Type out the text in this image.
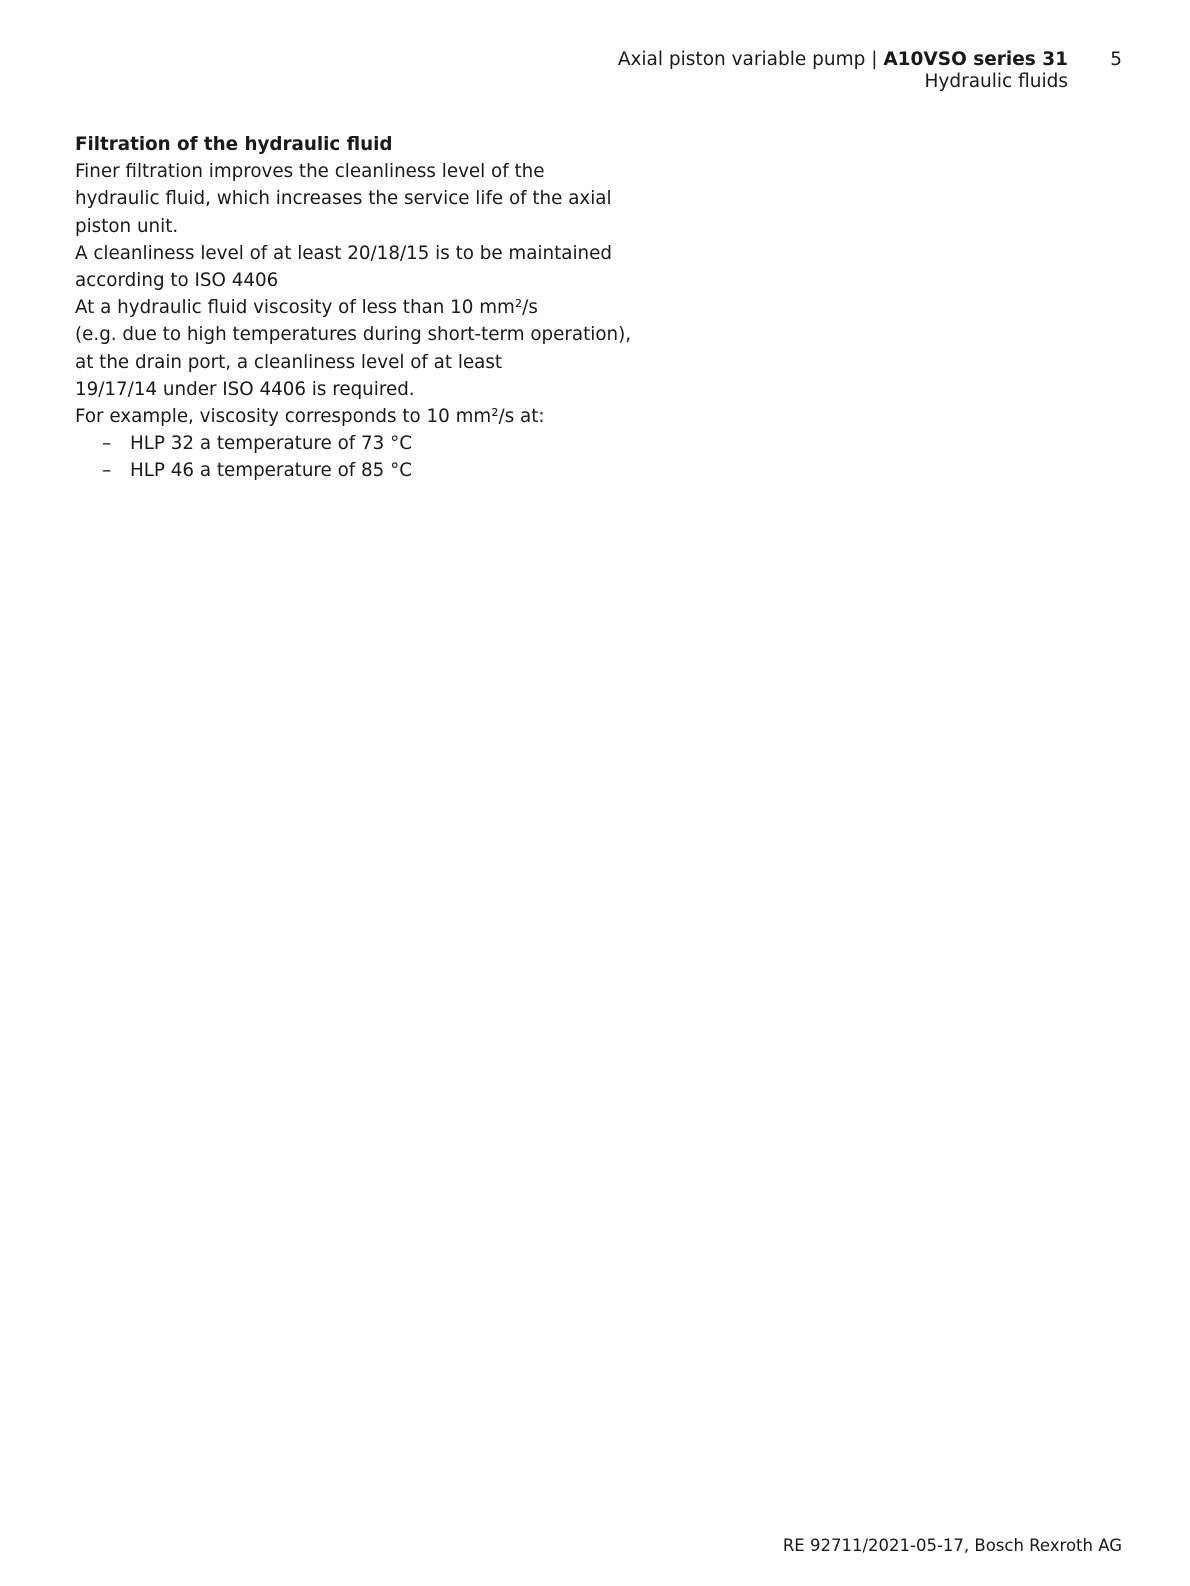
Axial piston variable pump | A10VSO series 31
Hydraulic fluids
5
Filtration of the hydraulic fluid

Finer filtration improves the cleanliness level of the

hydraulic fluid, which increases the service life of the axial

piston unit.

A cleanliness level of at least 20/18/15 is to be maintained

according to ISO 4406

At a hydraulic fluid viscosity of less than 10 mm²/s

(e.g. due to high temperatures during short-term operation),

at the drain port, a cleanliness level of at least

19/17/14 under ISO 4406 is required.

For example, viscosity corresponds to 10 mm²/s at:

– HLP 32 a temperature of 73 °C
– HLP 46 a temperature of 85 °C
RE 92711/2021-05-17, Bosch Rexroth AG
